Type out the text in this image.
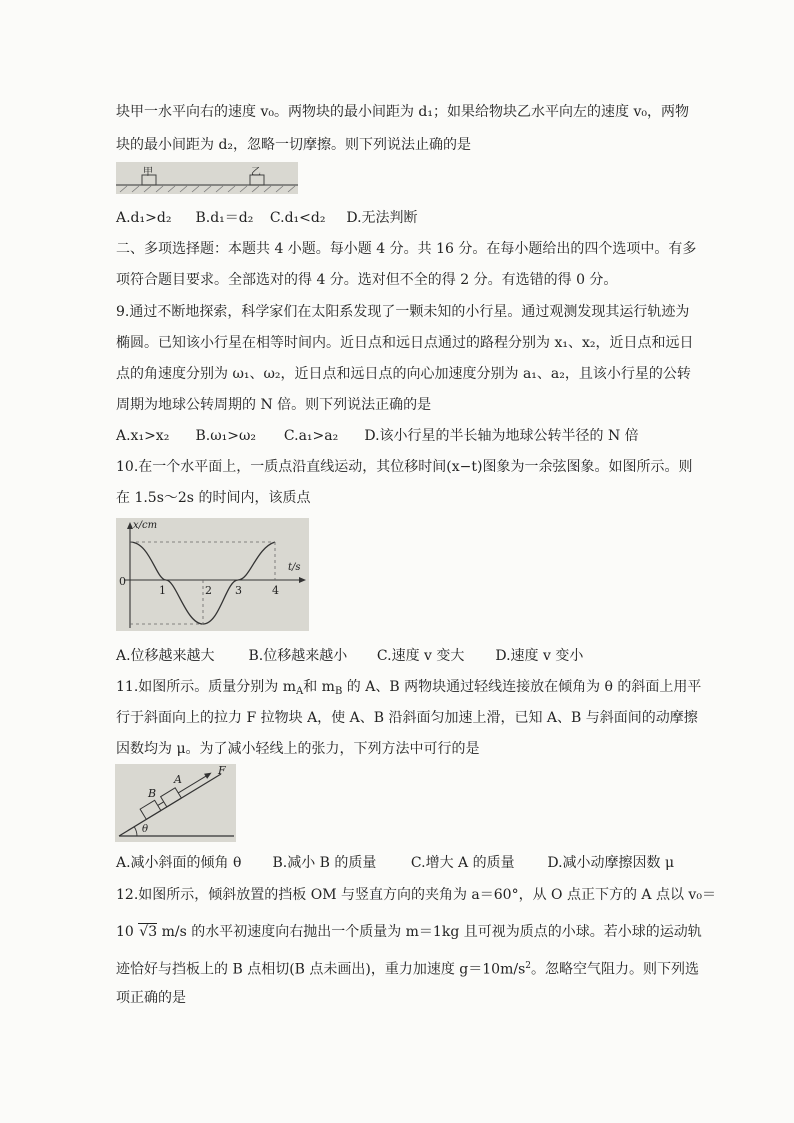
块甲一水平向右的速度 v₀。两物块的最小间距为 d₁；如果给物块乙水平向左的速度 v₀，两物
块的最小间距为 d₂，忽略一切摩擦。则下列说法止确的是
甲	乙
A.d₁>d₂ B.d₁＝d₂ C.d₁<d₂ D.无法判断
二、多项选择题：本题共 4 小题。每小题 4 分。共 16 分。在每小题给出的四个选项中。有多
项符合题目要求。全部选对的得 4 分。选对但不全的得 2 分。有选错的得 0 分。
9.通过不断地探索，科学家们在太阳系发现了一颗未知的小行星。通过观测发现其运行轨迹为
椭圆。已知该小行星在相等时间内。近日点和远日点通过的路程分别为 x₁、x₂，近日点和远日
点的角速度分别为 ω₁、ω₂，近日点和远日点的向心加速度分别为 a₁、a₂，且该小行星的公转
周期为地球公转周期的 N 倍。则下列说法正确的是
A.x₁>x₂ B.ω₁>ω₂ C.a₁>a₂ D.该小行星的半长轴为地球公转半径的 N 倍
10.在一个水平面上，一质点沿直线运动，其位移时间(x−t)图象为一余弦图象。如图所示。则
在 1.5s～2s 的时间内，该质点
x/cm
t/s
0
1	2 3	4
A.位移越来越大 B.位移越来越小 C.速度 v 变大 D.速度 v 变小
11.如图所示。质量分别为 $m_A$和 $m_B$ 的 A、B 两物块通过轻线连接放在倾角为 θ 的斜面上用平
行于斜面向上的拉力 F 拉物块 A，使 A、B 沿斜面匀加速上滑，已知 A、B 与斜面间的动摩擦
因数均为 μ。为了减小轻线上的张力，下列方法中可行的是
B
A
F
θ
A.减小斜面的倾角 θ B.减小 B 的质量 C.增大 A 的质量 D.减小动摩擦因数 μ
12.如图所示，倾斜放置的挡板 OM 与竖直方向的夹角为 a＝60°，从 O 点正下方的 A 点以 v₀＝
10 √3 m/s 的水平初速度向右抛出一个质量为 m＝1kg 且可视为质点的小球。若小球的运动轨
迹恰好与挡板上的 B 点相切(B 点未画出)，重力加速度 $g=10m/s^2$。忽略空气阻力。则下列选
项正确的是
